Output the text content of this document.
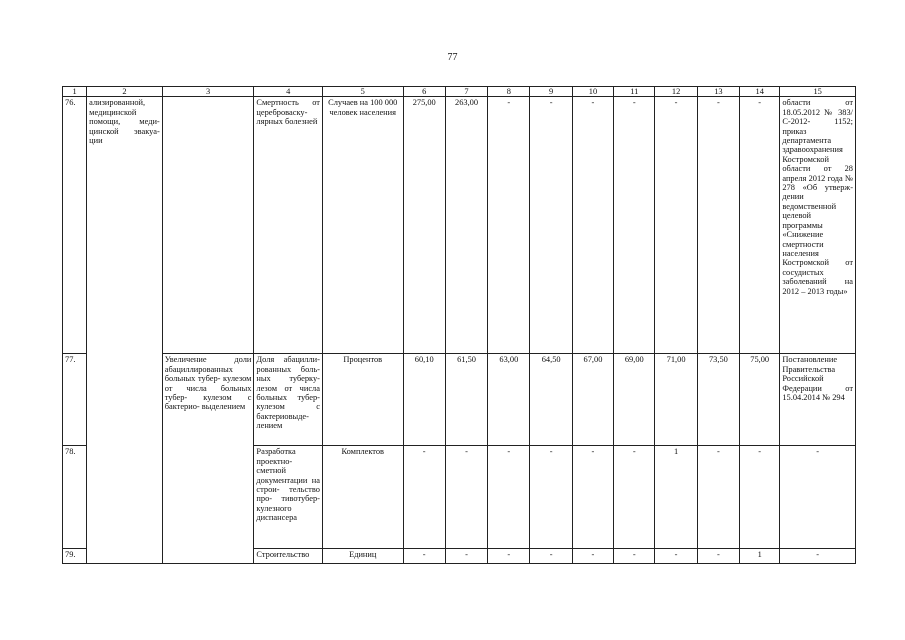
77
1	2	3	4	5	6	7	8	9	10	11	12	13	14	15
76.	ализированной, медицинской помощи, меди- цинской эвакуа- ции		Смертность от цереброваску- лярных болезней	Случаев на 100 000 человек населения	275,00	263,00	-	-	-	-	-	-	-	области от 18.05.2012 № 383/С-2012- 1152; приказ департамента здравоохранения Костромской области от 28 апреля 2012 года № 278 «Об утверж- дении ведомственной целевой программы «Снижение смертности населения Костромской от сосудистых заболеваний на 2012 – 2013 годы»
77.		Увеличение доли абациллированных больных тубер- кулезом от числа больных тубер- кулезом с бактерио- выделением	Доля абацилли- рованных боль- ных туберку- лезом от числа больных тубер- кулезом с бактериовыде- лением	Процентов	60,10	61,50	63,00	64,50	67,00	69,00	71,00	73,50	75,00	Постановление Правительства Российской Федерации от 15.04.2014 № 294
78.			Разработка проектно- сметной документации на строи- тельство про- тивотубер- кулезного диспансера	Комплектов	-	-	-	-	-	-	1	-	-	-
79.			Строительство	Единиц	-	-	-	-	-	-	-	-	1	-
